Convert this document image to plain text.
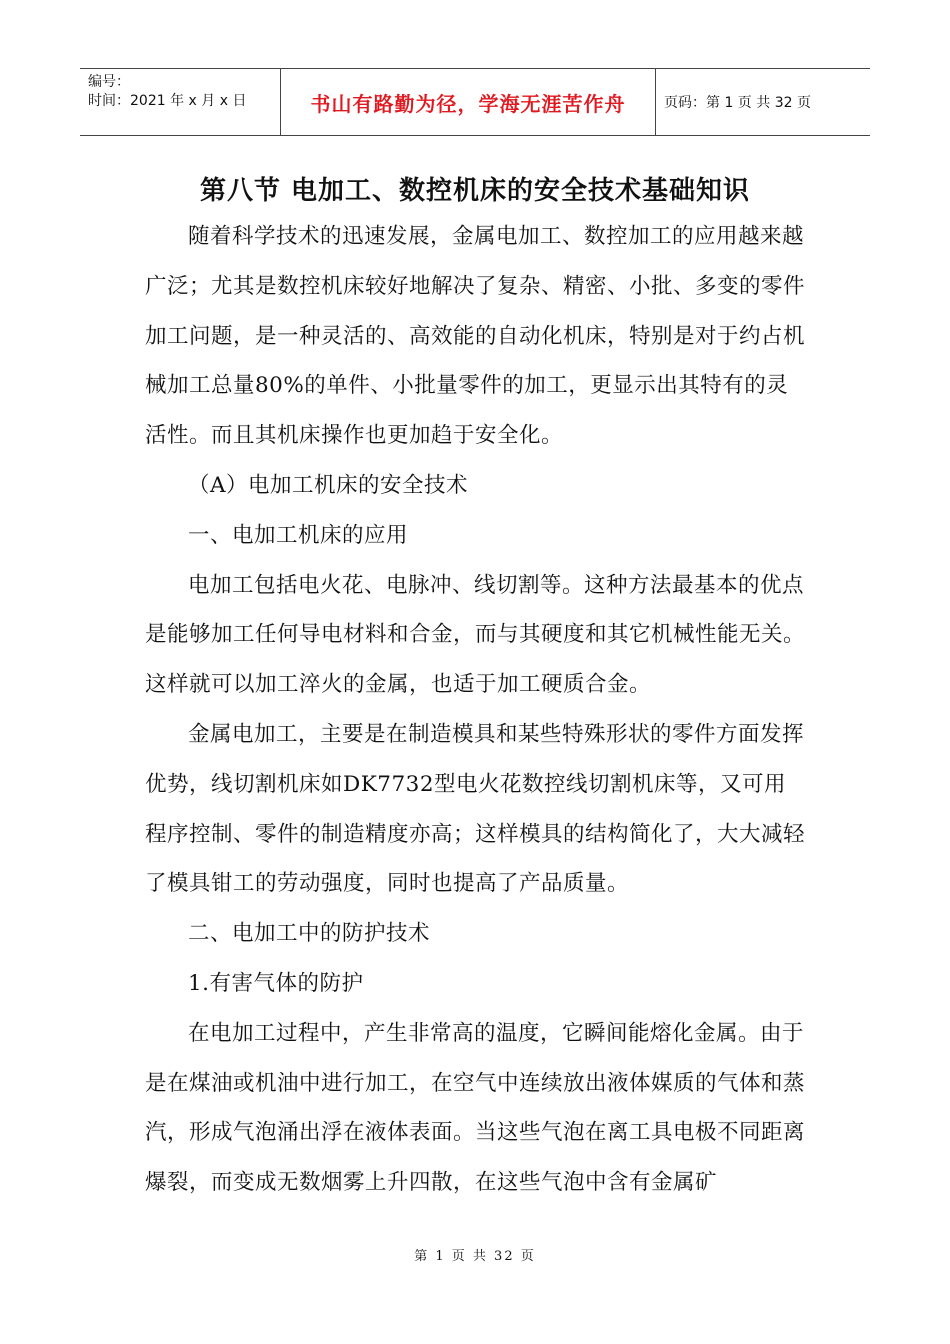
编号：
时间：2021 年 x 月 x 日	书山有路勤为径，学海无涯苦作舟	页码：第 1 页 共 32 页
第八节 电加工、数控机床的安全技术基础知识

随着科学技术的迅速发展，金属电加工、数控加工的应用越来越广泛；尤其是数控机床较好地解决了复杂、精密、小批、多变的零件加工问题，是一种灵活的、高效能的自动化机床，特别是对于约占机械加工总量80%的单件、小批量零件的加工，更显示出其特有的灵活性。而且其机床操作也更加趋于安全化。

（A）电加工机床的安全技术

一、电加工机床的应用

电加工包括电火花、电脉冲、线切割等。这种方法最基本的优点是能够加工任何导电材料和合金，而与其硬度和其它机械性能无关。这样就可以加工淬火的金属，也适于加工硬质合金。

金属电加工，主要是在制造模具和某些特殊形状的零件方面发挥优势，线切割机床如DK7732型电火花数控线切割机床等，又可用程序控制、零件的制造精度亦高；这样模具的结构简化了，大大减轻了模具钳工的劳动强度，同时也提高了产品质量。

二、电加工中的防护技术

1.有害气体的防护

在电加工过程中，产生非常高的温度，它瞬间能熔化金属。由于是在煤油或机油中进行加工，在空气中连续放出液体媒质的气体和蒸汽，形成气泡涌出浮在液体表面。当这些气泡在离工具电极不同距离爆裂，而变成无数烟雾上升四散，在这些气泡中含有金属矿

第 1 页 共 32 页
